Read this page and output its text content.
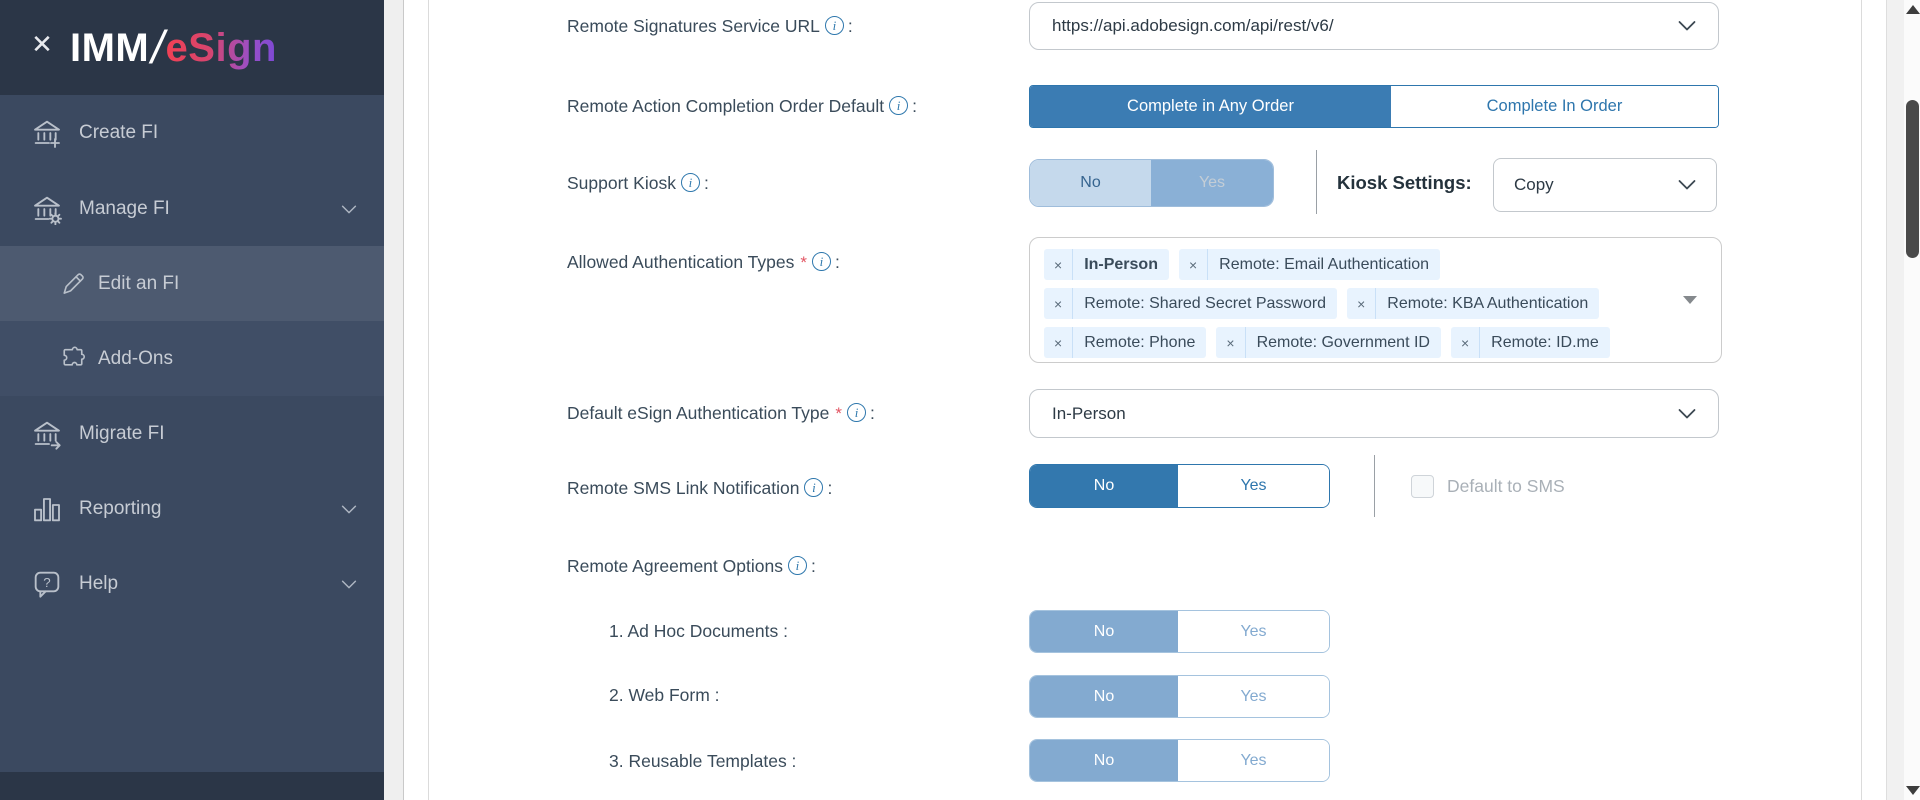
✕ IMM/eSign
Create FI
Manage FI
Edit an FI
Add-Ons
Migrate FI
Reporting
? Help
Remote Signatures Service URL i :	https://api.adobesign.com/api/rest/v6/
Remote Action Completion Order Default i :	Complete in Any Order	Complete In Order
Support Kiosk i :	No	Yes	Kiosk Settings: Copy
Allowed Authentication Types * i :	×	In-Person	×	Remote: Email Authentication
×	Remote: Shared Secret Password	×	Remote: KBA Authentication
×	Remote: Phone	×	Remote: Government ID	×	Remote: ID.me
Default eSign Authentication Type * i :	In-Person
Remote SMS Link Notification i :	No	Yes	Default to SMS
Remote Agreement Options i :
1. Ad Hoc Documents :	No	Yes
2. Web Form :	No	Yes
3. Reusable Templates :	No	Yes
